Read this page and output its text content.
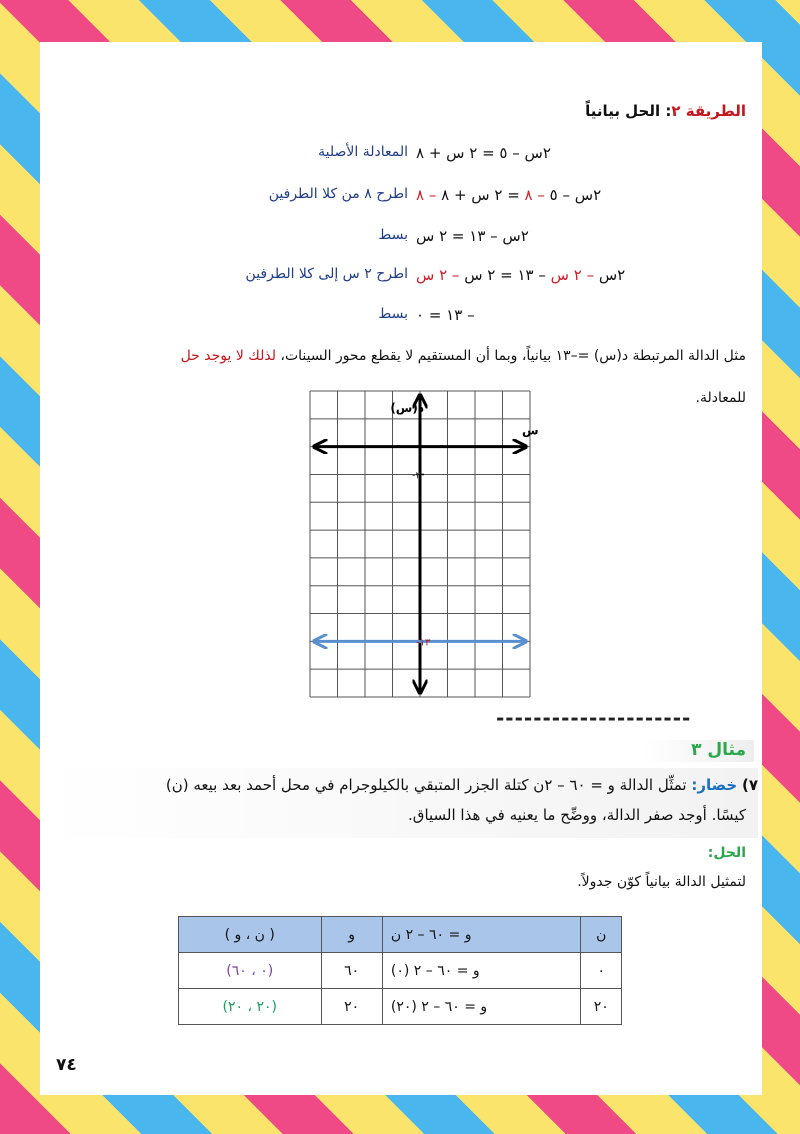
الطريقة ٢: الحل بيانياً
٢س – ٥ = ٢ س + ٨
المعادلة الأصلية
٢س – ٥ – ٨ = ٢ س + ٨ – ٨
اطرح ٨ من كلا الطرفين
٢س – ١٣ = ٢ س
بسط
٢س – ٢ س – ١٣ = ٢ س – ٢ س
اطرح ٢ س إلى كلا الطرفين
– ١٣ = ٠
بسط
مثل الدالة المرتبطة د(س) =–١٣ بيانياً، وبما أن المستقيم لا يقطع محور السينات، لذلك لا يوجد حل
للمعادلة.
د(س)
س
٢-
١٣-
---------------------
مثال ٣
٧) خضار: تمثِّل الدالة و = ٦٠ – ٢ن كتلة الجزر المتبقي بالكيلوجرام في محل أحمد بعد بيعه (ن)
كيسًا. أوجد صفر الدالة، ووضِّح ما يعنيه في هذا السياق.
الحل:
لتمثيل الدالة بيانياً كوّن جدولاً.
ن	و = ٦٠ – ٢ ن	و	( ن ، و )
٠	و = ٦٠ – ٢ (٠)	٦٠	(٠ ، ٦٠)
٢٠	و = ٦٠ – ٢ (٢٠)	٢٠	(٢٠ ، ٢٠)
٧٤
